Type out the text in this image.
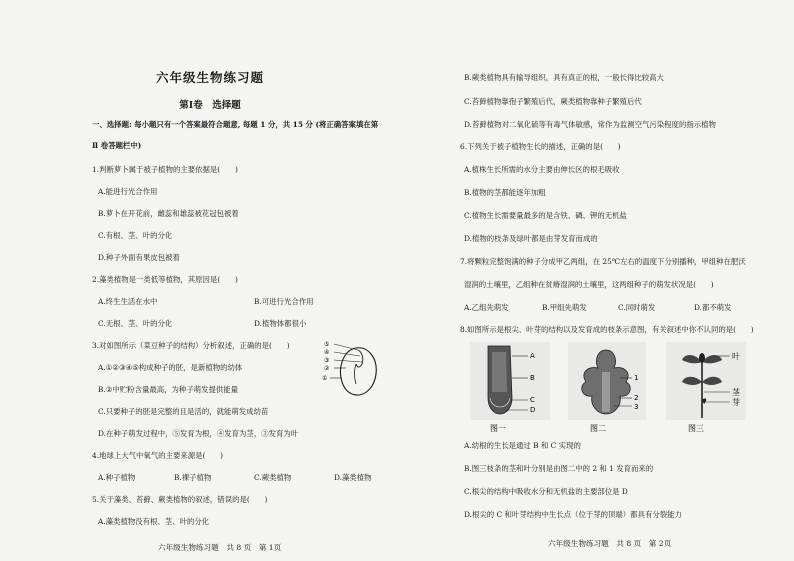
六年级生物练习题
第Ⅰ卷　选择题
一、选择题: 每小题只有一个答案最符合题意, 每题 1 分，共 15 分 (将正确答案填在第
Ⅱ 卷答题栏中)
1.判断萝卜属于被子植物的主要依据是(　　)
A.能进行光合作用
B.萝卜在开花前，雌蕊和雄蕊被花冠包被着
C.有根、茎、叶的分化
D.种子外面有果皮包被着
2.藻类植物是一类低等植物，其原因是(　　)
A.终生生活在水中	B.可进行光合作用
C.无根、茎、叶的分化	D.植物体都很小
3.对如图所示（菜豆种子的结构）分析叙述，正确的是(　　)
A.①②③④⑤构成种子的胚，是新植物的幼体
B.②中贮粉含量最高，为种子萌发提供能量
C.只要种子的胚是完整的且是活的，就能萌发成幼苗
D.在种子萌发过程中，⑤发育为根，④发育为茎，③发育为叶
⑤
④
③
②
①
4.地球上大气中氧气的主要来源是(　　)
A.种子植物	B.裸子植物	C.蕨类植物	D.藻类植物
5.关于藻类、苔藓、蕨类植物的叙述，错误的是(　　)
A.藻类植物没有根、茎、叶的分化
六年级生物练习题　共 8 页　第 1页
B.蕨类植物具有输导组织，具有真正的根，一般长得比较高大
C.苔藓植物靠孢子繁殖后代，蕨类植物靠种子繁殖后代
D.苔藓植物对二氧化硫等有毒气体敏感，常作为监测空气污染程度的指示植物
6.下列关于被子植物生长的描述，正确的是(　　)
A.植株生长所需的水分主要由伸长区的根毛吸收
B.植物的茎都能逐年加粗
C.植物生长需要量最多的是含铁、磷、钾的无机盐
D.植物的枝条及绿叶都是由芽发育而成的
7.将颗粒完整饱满的种子分成甲乙两组，在 25℃左右的温度下分别播种，甲组种在肥沃
湿润的土壤里，乙组种在贫瘠湿润的土壤里，这两组种子的萌发状况是(　　)
A.乙组先萌发	B.甲组先萌发	C.同时萌发	D.都不萌发
8.如图所示是根尖、叶芽的结构以及发育成的枝条示意图，有关叙述中你不认同的是(　　)
A
B
C
D
图一
1
2
3
图二
叶
茎
芽
图三
A.幼根的生长是通过 B 和 C 实现的
B.图三枝条的茎和叶分别是由图二中的 2 和 1 发育而来的
C.根尖的结构中吸收水分和无机盐的主要部位是 D
D.根尖的 C 和叶芽结构中生长点（位于芽的顶端）都具有分裂能力
六年级生物练习题　共 8 页　第 2页
